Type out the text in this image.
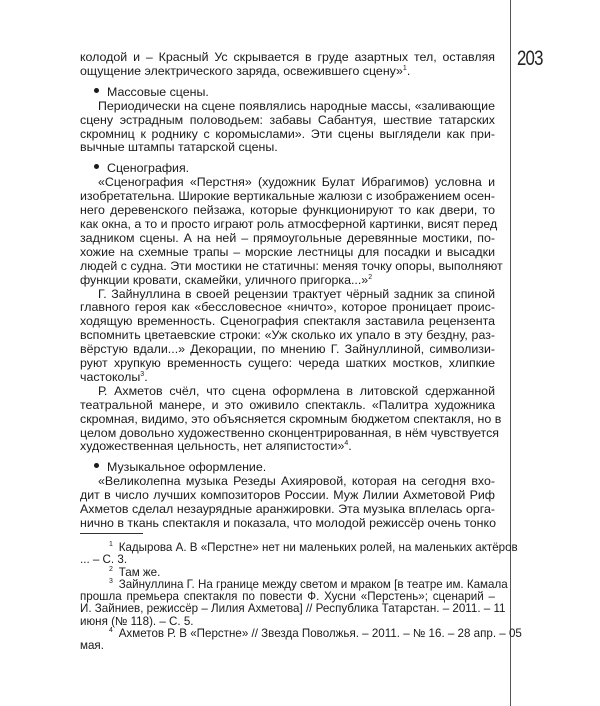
203
колодой и – Красный Ус скрывается в груде азартных тел, оставляя
ощущение электрического заряда, освежившего сцену»$^1$.
Массовые сцены.
Периодически на сцене появлялись народные массы, «заливающие
сцену эстрадным половодьем: забавы Сабантуя, шествие татарских
скромниц к роднику с коромыслами». Эти сцены выглядели как при-
вычные штампы татарской сцены.
Сценография.
«Сценография «Перстня» (художник Булат Ибрагимов) условна и
изобретательна. Широкие вертикальные жалюзи с изображением осен-
него деревенского пейзажа, которые функционируют то как двери, то
как окна, а то и просто играют роль атмосферной картинки, висят перед
задником сцены. А на ней – прямоугольные деревянные мостики, по-
хожие на схемные трапы – морские лестницы для посадки и высадки
людей с судна. Эти мостики не статичны: меняя точку опоры, выполняют
функции кровати, скамейки, уличного пригорка...»$^2$
Г. Зайнуллина в своей рецензии трактует чёрный задник за спиной
главного героя как «бессловесное «ничто», которое проницает проис-
ходящую временность. Сценография спектакля заставила рецензента
вспомнить цветаевские строки: «Уж сколько их упало в эту бездну, раз-
вёрстую вдали...» Декорации, по мнению Г. Зайнуллиной, символизи-
руют хрупкую временность сущего: череда шатких мостков, хлипкие
частоколы$^3$.
Р. Ахметов счёл, что сцена оформлена в литовской сдержанной
театральной манере, и это оживило спектакль. «Палитра художника
скромная, видимо, это объясняется скромным бюджетом спектакля, но в
целом довольно художественно сконцентрированная, в нём чувствуется
художественная цельность, нет аляпистости»$^4$.
Музыкальное оформление.
«Великолепна музыка Резеды Ахияровой, которая на сегодня вхо-
дит в число лучших композиторов России. Муж Лилии Ахметовой Риф
Ахметов сделал незаурядные аранжировки. Эта музыка вплелась орга-
нично в ткань спектакля и показала, что молодой режиссёр очень тонко
$^1$  Кадырова А. В «Перстне» нет ни маленьких ролей, на маленьких актёров
... – С. 3.
$^2$  Там же.
$^3$  Зайнуллина Г. На границе между светом и мраком [в театре им. Камала
прошла премьера спектакля по повести Ф. Хусни «Перстень»; сценарий –
И. Зайниев, режиссёр – Лилия Ахметова] // Республика Татарстан. – 2011. – 11
июня (№ 118). – С. 5.
$^4$  Ахметов Р. В «Перстне» // Звезда Поволжья. – 2011. – № 16. – 28 апр. – 05
мая.
